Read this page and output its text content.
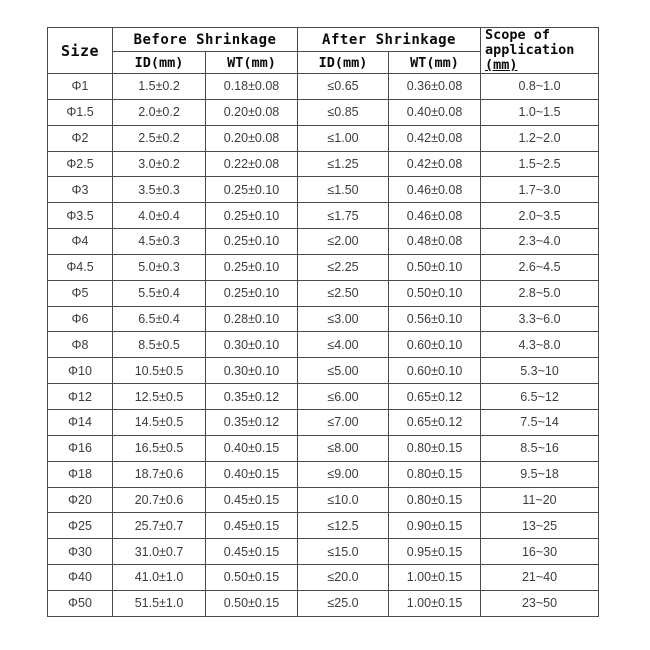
Size	Before Shrinkage		After Shrinkage		Scope of
application
(mm)

	ID(mm)	WT(mm)	ID(mm)	WT(mm)	
Φ1	1.5±0.2	0.18±0.08	≤0.65	0.36±0.08	0.8~1.0
Φ1.5	2.0±0.2	0.20±0.08	≤0.85	0.40±0.08	1.0~1.5
Φ2	2.5±0.2	0.20±0.08	≤1.00	0.42±0.08	1.2~2.0
Φ2.5	3.0±0.2	0.22±0.08	≤1.25	0.42±0.08	1.5~2.5
Φ3	3.5±0.3	0.25±0.10	≤1.50	0.46±0.08	1.7~3.0
Φ3.5	4.0±0.4	0.25±0.10	≤1.75	0.46±0.08	2.0~3.5
Φ4	4.5±0.3	0.25±0.10	≤2.00	0.48±0.08	2.3~4.0
Φ4.5	5.0±0.3	0.25±0.10	≤2.25	0.50±0.10	2.6~4.5
Φ5	5.5±0.4	0.25±0.10	≤2.50	0.50±0.10	2.8~5.0
Φ6	6.5±0.4	0.28±0.10	≤3.00	0.56±0.10	3.3~6.0
Φ8	8.5±0.5	0.30±0.10	≤4.00	0.60±0.10	4.3~8.0
Φ10	10.5±0.5	0.30±0.10	≤5.00	0.60±0.10	5.3~10
Φ12	12.5±0.5	0.35±0.12	≤6.00	0.65±0.12	6.5~12
Φ14	14.5±0.5	0.35±0.12	≤7.00	0.65±0.12	7.5~14
Φ16	16.5±0.5	0.40±0.15	≤8.00	0.80±0.15	8.5~16
Φ18	18.7±0.6	0.40±0.15	≤9.00	0.80±0.15	9.5~18
Φ20	20.7±0.6	0.45±0.15	≤10.0	0.80±0.15	11~20
Φ25	25.7±0.7	0.45±0.15	≤12.5	0.90±0.15	13~25
Φ30	31.0±0.7	0.45±0.15	≤15.0	0.95±0.15	16~30
Φ40	41.0±1.0	0.50±0.15	≤20.0	1.00±0.15	21~40
Φ50	51.5±1.0	0.50±0.15	≤25.0	1.00±0.15	23~50
